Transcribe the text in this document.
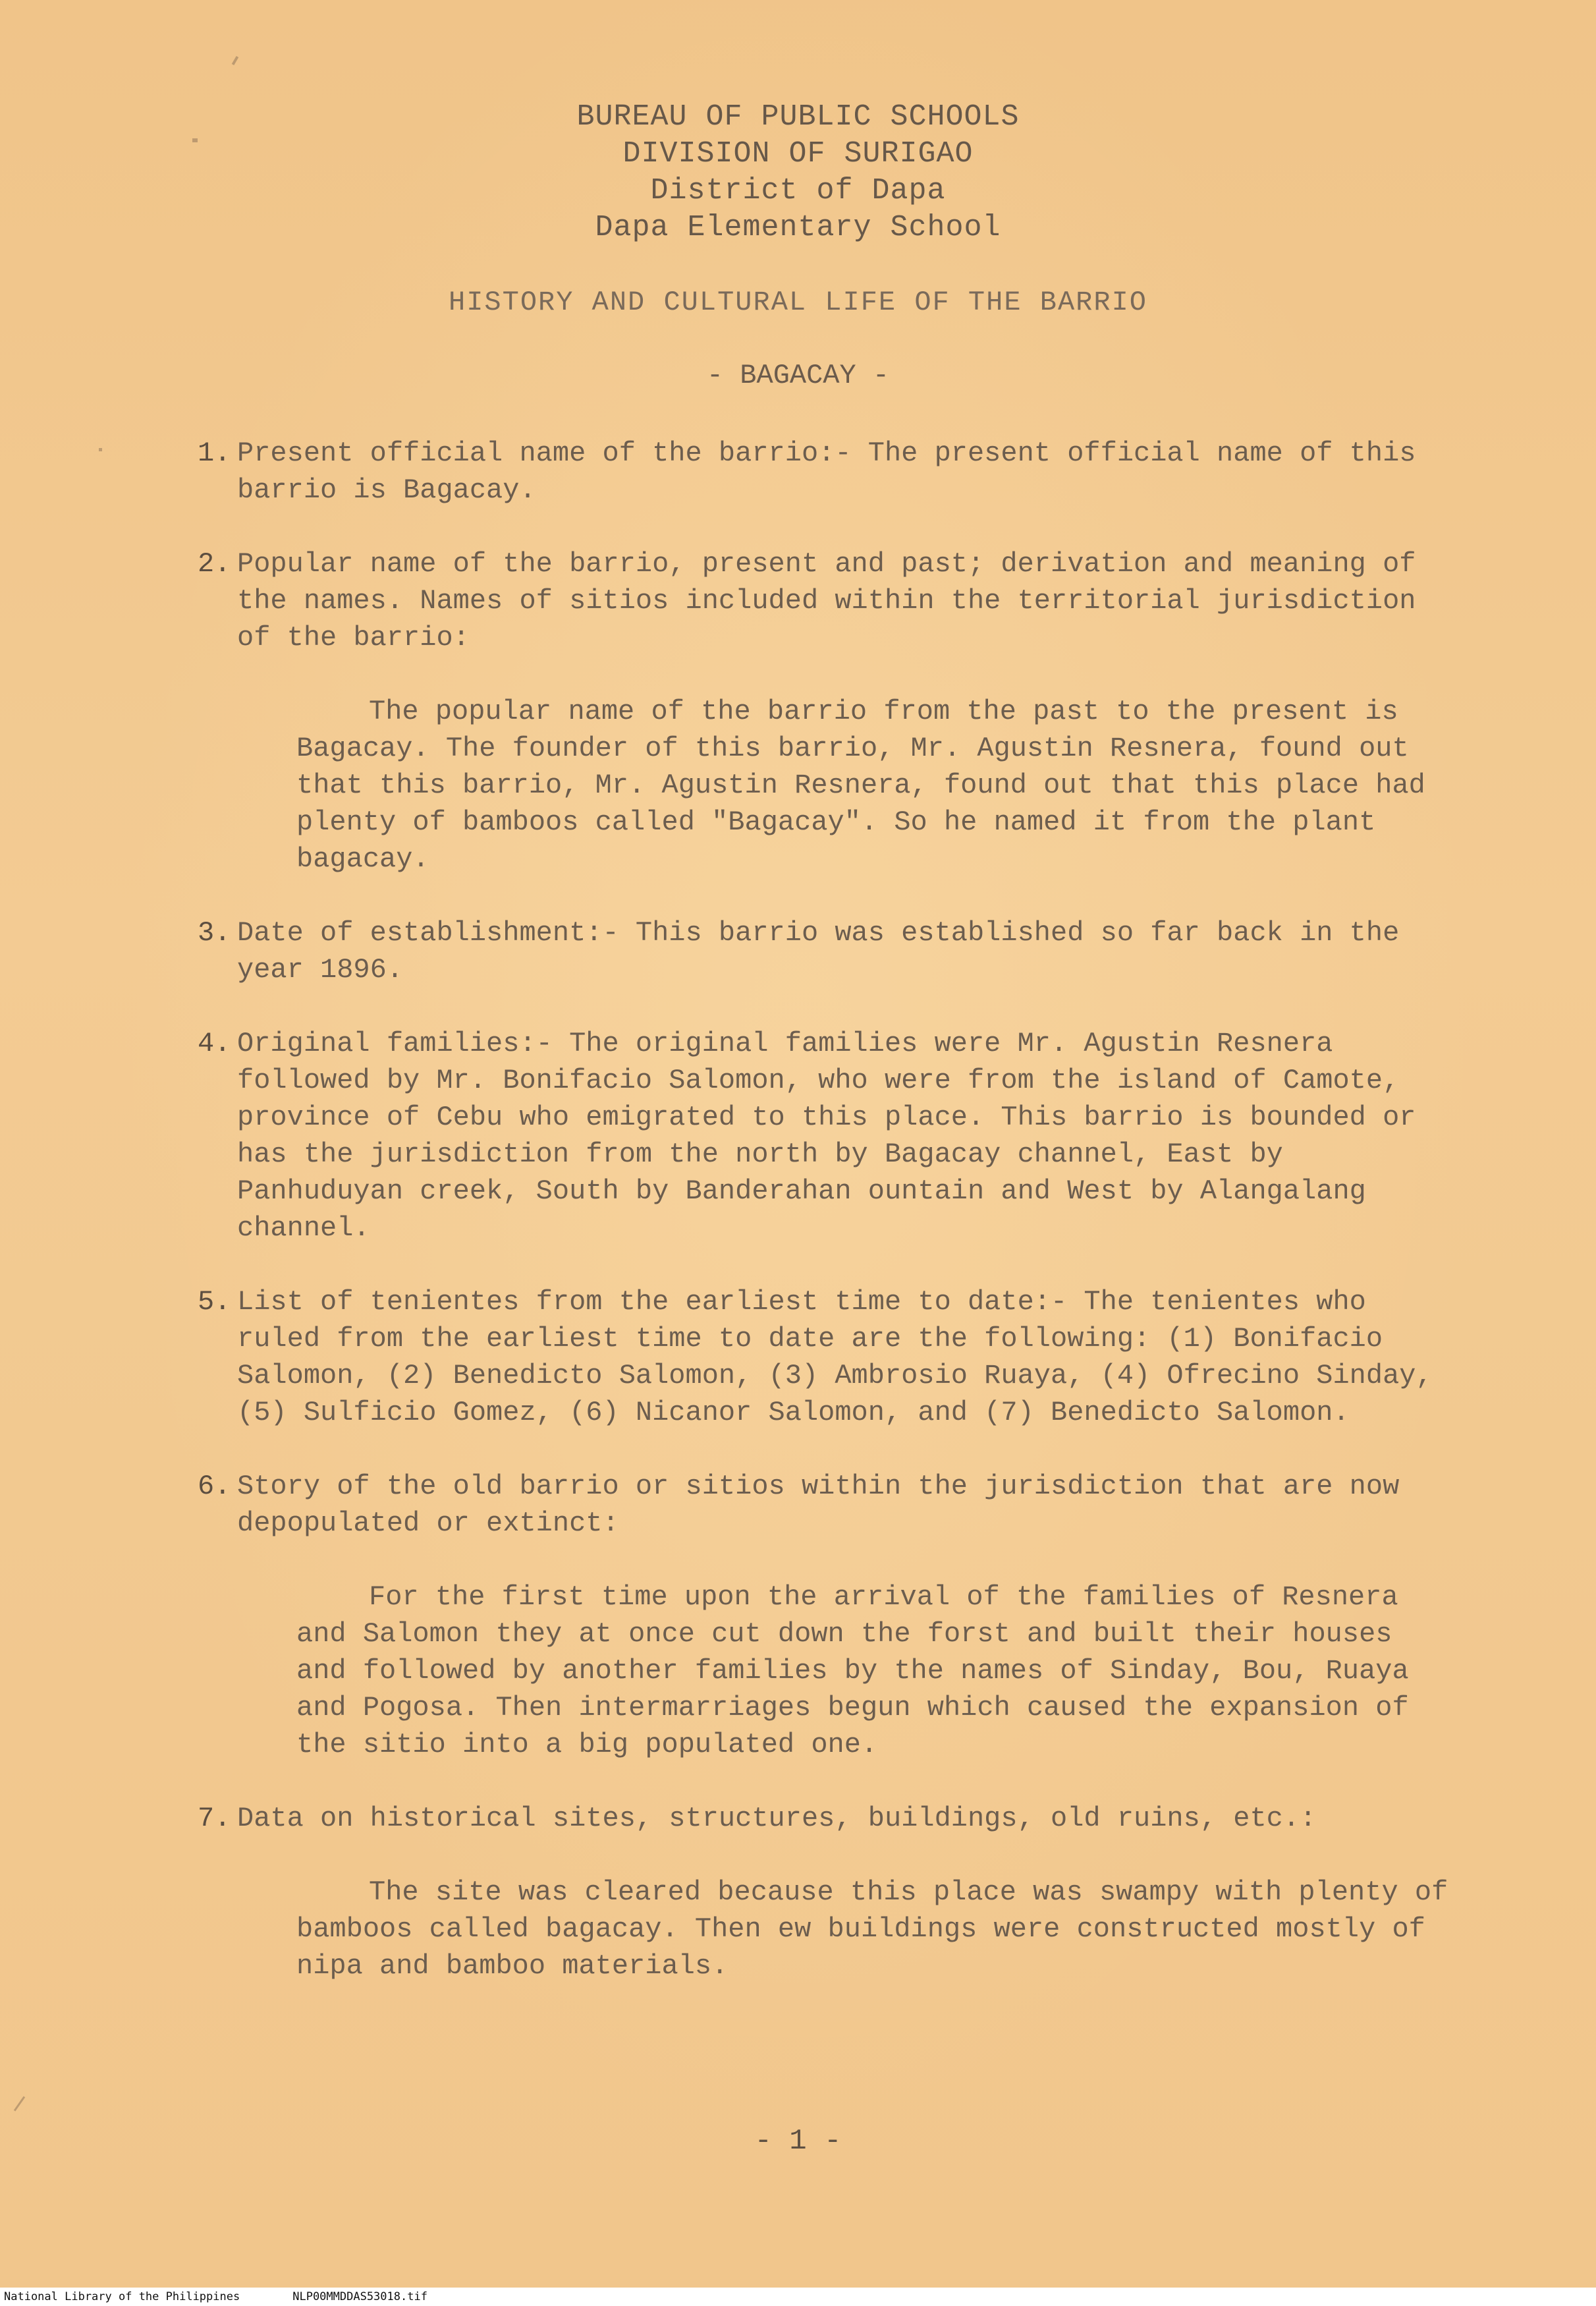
BUREAU OF PUBLIC SCHOOLS
DIVISION OF SURIGAO
District of Dapa
Dapa Elementary School
HISTORY AND CULTURAL LIFE OF THE BARRIO
- BAGACAY -
1. Present official name of the barrio:- The present official name of this barrio is Bagacay.
2. Popular name of the barrio, present and past; derivation and meaning of the names. Names of sitios included within the territorial jurisdiction of the barrio:
The popular name of the barrio from the past to the present is Bagacay. The founder of this barrio, Mr. Agustin Resnera, found out that this barrio, Mr. Agustin Resnera, found out that this place had plenty of bamboos called "Bagacay". So he named it from the plant bagacay.
3. Date of establishment:- This barrio was established so far back in the year 1896.
4. Original families:- The original families were Mr. Agustin Resnera followed by Mr. Bonifacio Salomon, who were from the island of Camote, province of Cebu who emigrated to this place. This barrio is bounded or has the jurisdiction from the north by Bagacay channel, East by Panhuduyan creek, South by Banderahan ountain and West by Alangalang channel.
5. List of tenientes from the earliest time to date:- The tenientes who ruled from the earliest time to date are the following: (1) Bonifacio Salomon, (2) Benedicto Salomon, (3) Ambrosio Ruaya, (4) Ofrecino Sinday, (5) Sulficio Gomez, (6) Nicanor Salomon, and (7) Benedicto Salomon.
6. Story of the old barrio or sitios within the jurisdiction that are now depopulated or extinct:
For the first time upon the arrival of the families of Resnera and Salomon they at once cut down the forst and built their houses and followed by another families by the names of Sinday, Bou, Ruaya and Pogosa. Then intermarriages begun which caused the expansion of the sitio into a big populated one.
7. Data on historical sites, structures, buildings, old ruins, etc.:
The site was cleared because this place was swampy with plenty of bamboos called bagacay. Then ew buildings were constructed mostly of nipa and bamboo materials.
- 1 -
National Library of the Philippines	NLP00MMDDAS53018.tif
